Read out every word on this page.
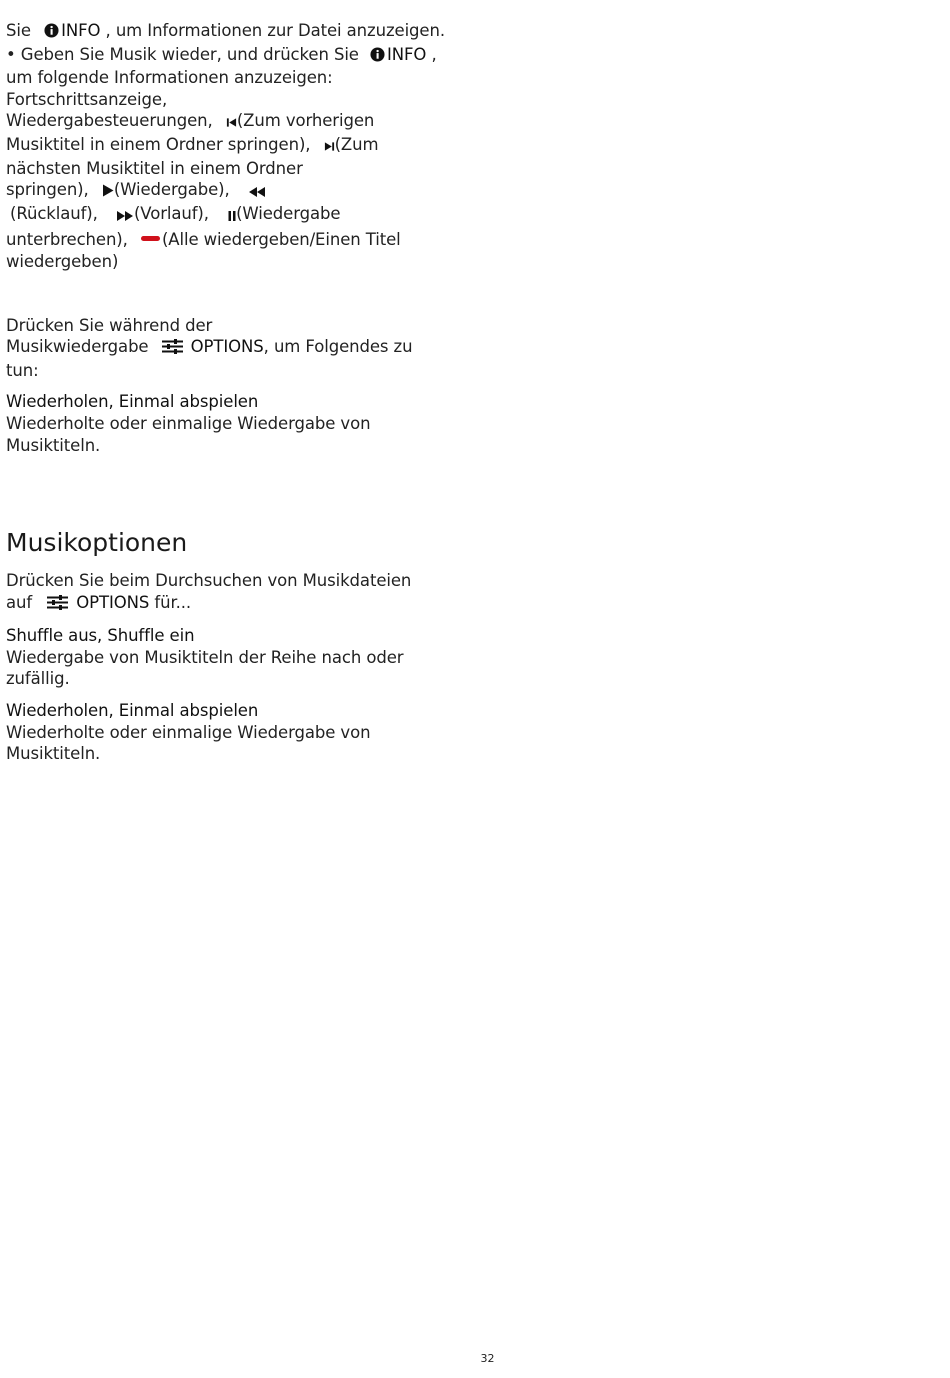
Sie INFO , um Informationen zur Datei anzuzeigen.

• Geben Sie Musik wieder, und drücken Sie INFO ,

um folgende Informationen anzuzeigen:

Fortschrittsanzeige,

Wiedergabesteuerungen, (Zum vorherigen

Musiktitel in einem Ordner springen), (Zum

nächsten Musiktitel in einem Ordner

springen), (Wiedergabe),

(Rücklauf), (Vorlauf), (Wiedergabe

unterbrechen), (Alle wiedergeben/Einen Titel

wiedergeben)

Drücken Sie während der

Musikwiedergabe	OPTIONS, um Folgendes zu

tun:

Wiederholen, Einmal abspielen

Wiederholte oder einmalige Wiedergabe von

Musiktiteln.

Musikoptionen

Drücken Sie beim Durchsuchen von Musikdateien

auf	OPTIONS für...

Shuffle aus, Shuffle ein

Wiedergabe von Musiktiteln der Reihe nach oder

zufällig.

Wiederholen, Einmal abspielen

Wiederholte oder einmalige Wiedergabe von

Musiktiteln.

32
